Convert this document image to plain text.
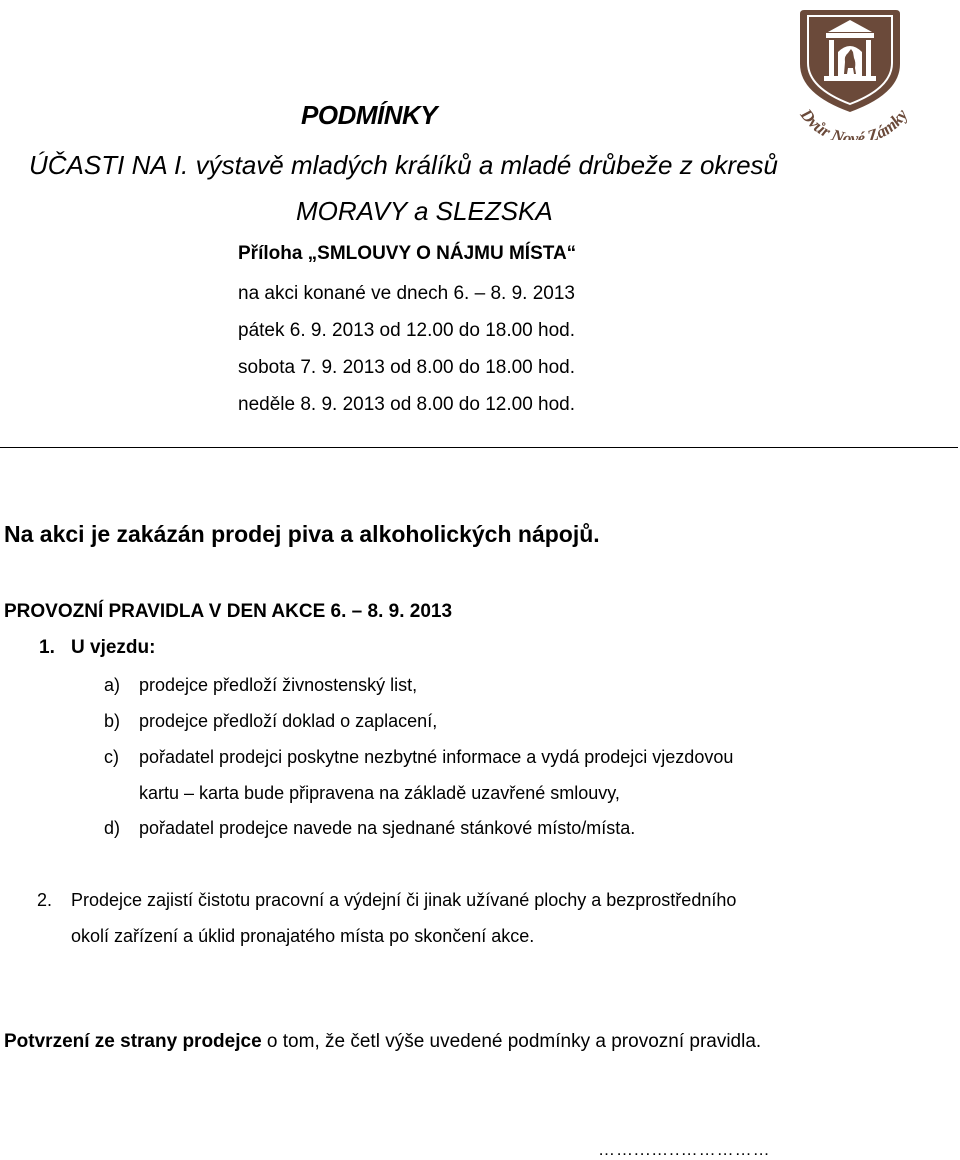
PODMÍNKY
ÚČASTI NA I. výstavě mladých králíků a mladé drůbeže z okresů
MORAVY a SLEZSKA
Příloha „SMLOUVY O NÁJMU MÍSTA“
na akci konané ve dnech 6. – 8. 9. 2013
pátek 6. 9. 2013 od 12.00 do 18.00 hod.
sobota 7. 9. 2013 od 8.00 do 18.00 hod.
neděle 8. 9. 2013 od 8.00 do 12.00 hod.
Dvůr Nové Zámky
Na akci je zakázán prodej piva a alkoholických nápojů.
PROVOZNÍ PRAVIDLA V DEN AKCE 6. – 8. 9. 2013
1. U vjezdu:
a) prodejce předloží živnostenský list,
b) prodejce předloží doklad o zaplacení,
c) pořadatel prodejci poskytne nezbytné informace a vydá prodejci vjezdovou
kartu – karta bude připravena na základě uzavřené smlouvy,
d) pořadatel prodejce navede na sjednané stánkové místo/místa.
2. Prodejce zajistí čistotu pracovní a výdejní či jinak užívané plochy a bezprostředního
okolí zařízení a úklid pronajatého místa po skončení akce.
Potvrzení ze strany prodejce o tom, že četl výše uvedené podmínky a provozní pravidla.
……...…..……………
